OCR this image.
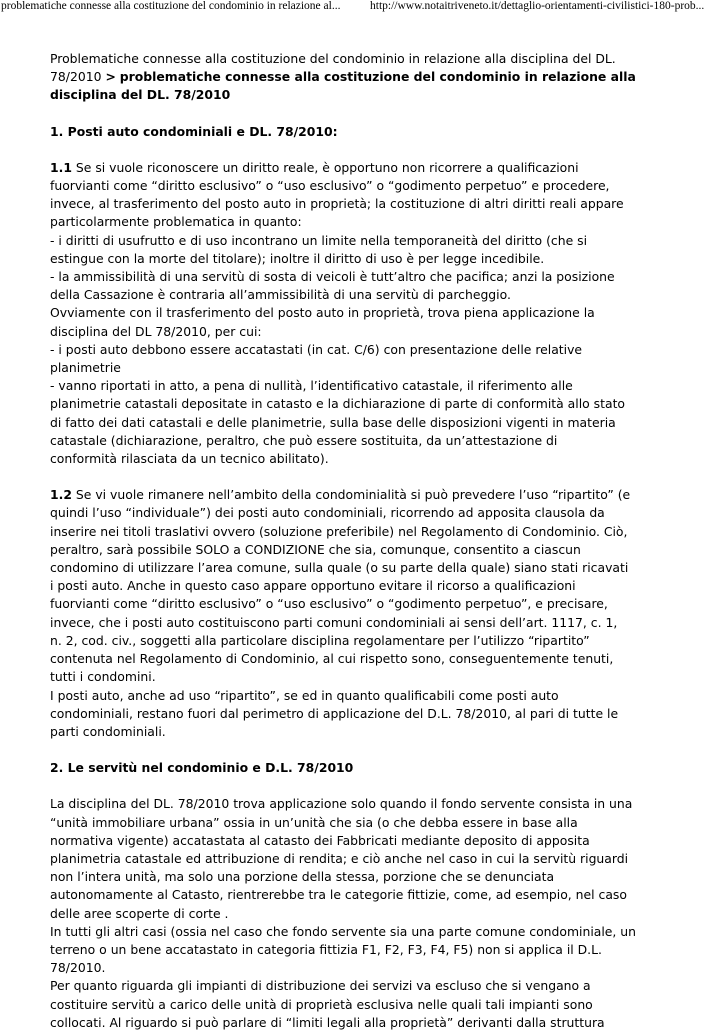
problematiche connesse alla costituzione del condominio in relazione al...	http://www.notaitriveneto.it/dettaglio-orientamenti-civilistici-180-prob...
Problematiche connesse alla costituzione del condominio in relazione alla disciplina del DL.
78/2010 > problematiche connesse alla costituzione del condominio in relazione alla
disciplina del DL. 78/2010
1. Posti auto condominiali e DL. 78/2010:
1.1 Se si vuole riconoscere un diritto reale, è opportuno non ricorrere a qualificazioni
fuorvianti come “diritto esclusivo” o “uso esclusivo” o “godimento perpetuo” e procedere,
invece, al trasferimento del posto auto in proprietà; la costituzione di altri diritti reali appare
particolarmente problematica in quanto:
- i diritti di usufrutto e di uso incontrano un limite nella temporaneità del diritto (che si
estingue con la morte del titolare); inoltre il diritto di uso è per legge incedibile.
- la ammissibilità di una servitù di sosta di veicoli è tutt’altro che pacifica; anzi la posizione
della Cassazione è contraria all’ammissibilità di una servitù di parcheggio.
Ovviamente con il trasferimento del posto auto in proprietà, trova piena applicazione la
disciplina del DL 78/2010, per cui:
- i posti auto debbono essere accatastati (in cat. C/6) con presentazione delle relative
planimetrie
- vanno riportati in atto, a pena di nullità, l’identificativo catastale, il riferimento alle
planimetrie catastali depositate in catasto e la dichiarazione di parte di conformità allo stato
di fatto dei dati catastali e delle planimetrie, sulla base delle disposizioni vigenti in materia
catastale (dichiarazione, peraltro, che può essere sostituita, da un’attestazione di
conformità rilasciata da un tecnico abilitato).
1.2 Se vi vuole rimanere nell’ambito della condominialità si può prevedere l’uso “ripartito” (e
quindi l’uso “individuale”) dei posti auto condominiali, ricorrendo ad apposita clausola da
inserire nei titoli traslativi ovvero (soluzione preferibile) nel Regolamento di Condominio. Ciò,
peraltro, sarà possibile SOLO a CONDIZIONE che sia, comunque, consentito a ciascun
condomino di utilizzare l’area comune, sulla quale (o su parte della quale) siano stati ricavati
i posti auto. Anche in questo caso appare opportuno evitare il ricorso a qualificazioni
fuorvianti come “diritto esclusivo” o “uso esclusivo” o “godimento perpetuo”, e precisare,
invece, che i posti auto costituiscono parti comuni condominiali ai sensi dell’art. 1117, c. 1,
n. 2, cod. civ., soggetti alla particolare disciplina regolamentare per l’utilizzo “ripartito”
contenuta nel Regolamento di Condominio, al cui rispetto sono, conseguentemente tenuti,
tutti i condomini.
I posti auto, anche ad uso “ripartito”, se ed in quanto qualificabili come posti auto
condominiali, restano fuori dal perimetro di applicazione del D.L. 78/2010, al pari di tutte le
parti condominiali.
2. Le servitù nel condominio e D.L. 78/2010
La disciplina del DL. 78/2010 trova applicazione solo quando il fondo servente consista in una
“unità immobiliare urbana” ossia in un’unità che sia (o che debba essere in base alla
normativa vigente) accatastata al catasto dei Fabbricati mediante deposito di apposita
planimetria catastale ed attribuzione di rendita; e ciò anche nel caso in cui la servitù riguardi
non l’intera unità, ma solo una porzione della stessa, porzione che se denunciata
autonomamente al Catasto, rientrerebbe tra le categorie fittizie, come, ad esempio, nel caso
delle aree scoperte di corte .
In tutti gli altri casi (ossia nel caso che fondo servente sia una parte comune condominiale, un
terreno o un bene accatastato in categoria fittizia F1, F2, F3, F4, F5) non si applica il D.L.
78/2010.
Per quanto riguarda gli impianti di distribuzione dei servizi va escluso che si vengano a
costituire servitù a carico delle unità di proprietà esclusiva nelle quali tali impianti sono
collocati. Al riguardo si può parlare di “limiti legali alla proprietà” derivanti dalla struttura
